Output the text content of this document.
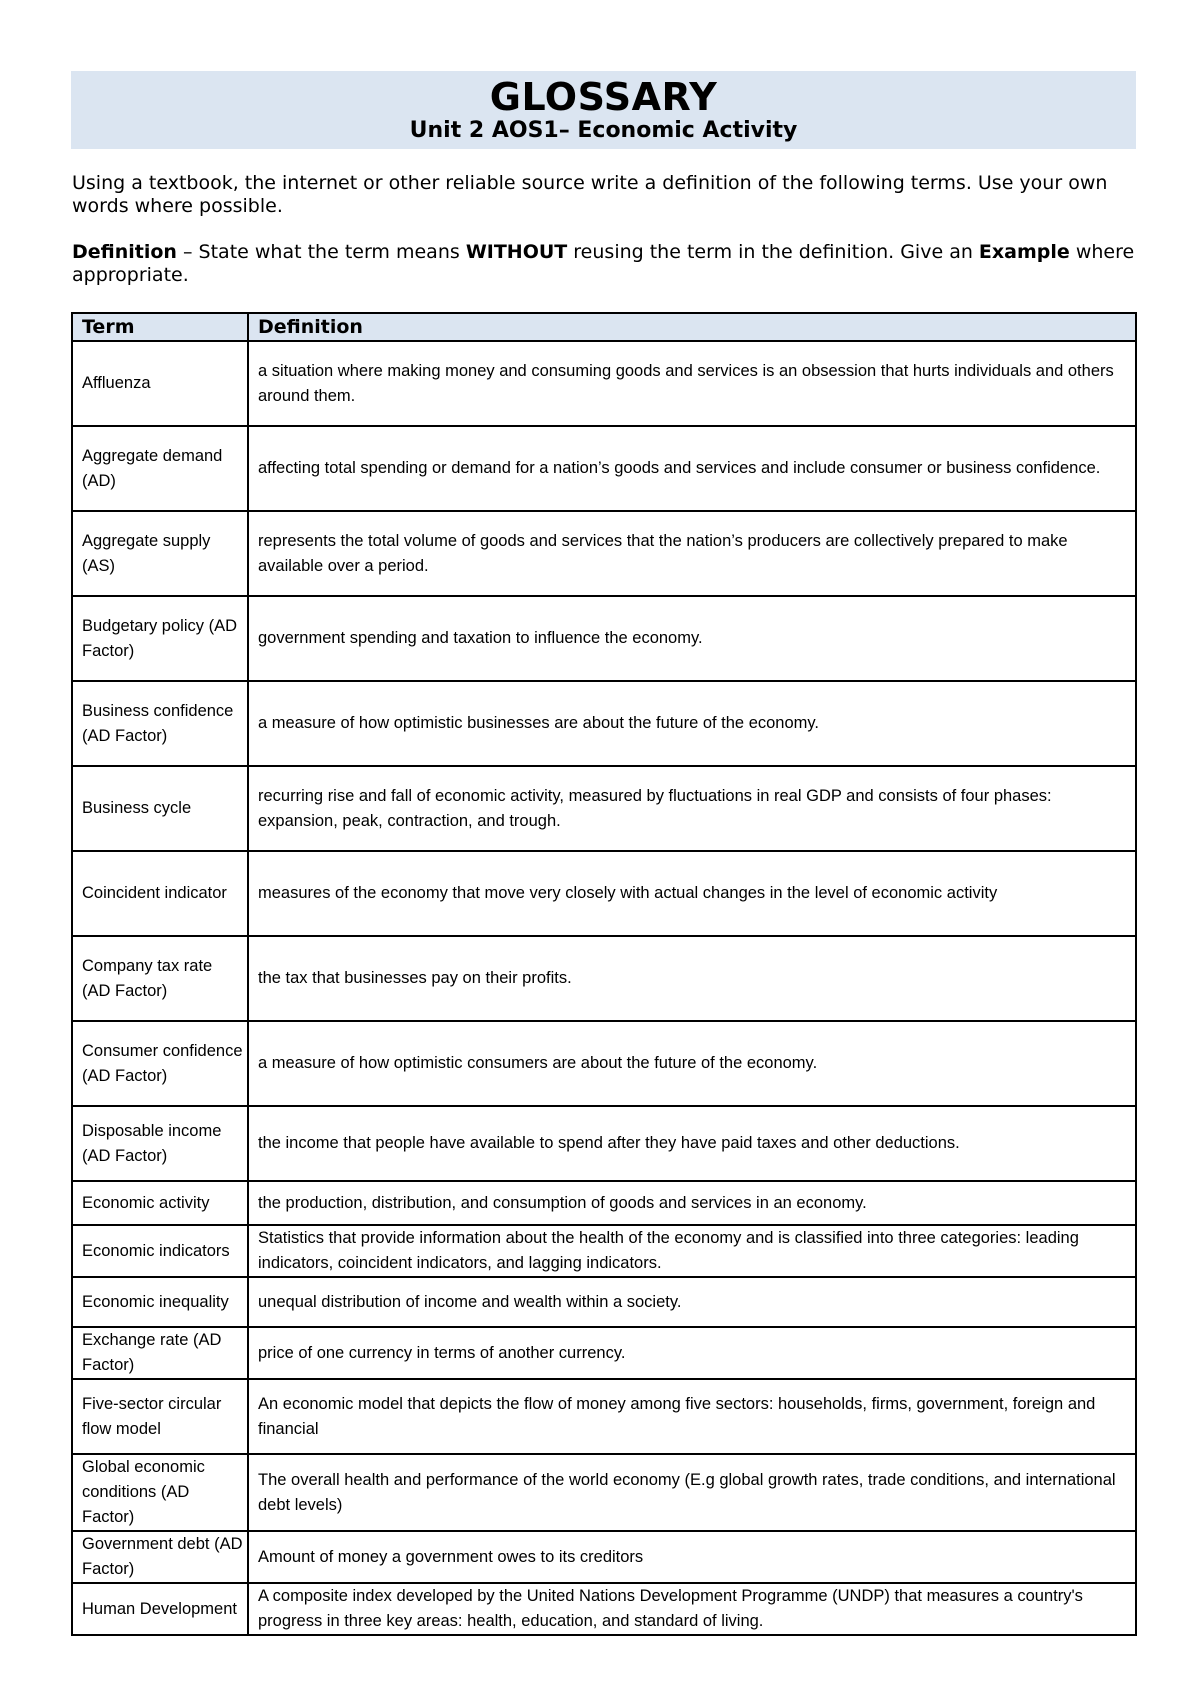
GLOSSARY
Unit 2 AOS1– Economic Activity
Using a textbook, the internet or other reliable source write a definition of the following terms. Use your own words where possible.
Definition – State what the term means WITHOUT reusing the term in the definition. Give an Example where appropriate.
Term	Definition
Affluenza	a situation where making money and consuming goods and services is an obsession that hurts individuals and others around them.
Aggregate demand (AD)	affecting total spending or demand for a nation’s goods and services and include consumer or business confidence.
Aggregate supply (AS)	represents the total volume of goods and services that the nation’s producers are collectively prepared to make available over a period.
Budgetary policy (AD Factor)	government spending and taxation to influence the economy.
Business confidence (AD Factor)	a measure of how optimistic businesses are about the future of the economy.
Business cycle	recurring rise and fall of economic activity, measured by fluctuations in real GDP and consists of four phases: expansion, peak, contraction, and trough.
Coincident indicator	measures of the economy that move very closely with actual changes in the level of economic activity
Company tax rate (AD Factor)	the tax that businesses pay on their profits.
Consumer confidence (AD Factor)	a measure of how optimistic consumers are about the future of the economy.
Disposable income (AD Factor)	the income that people have available to spend after they have paid taxes and other deductions.
Economic activity	the production, distribution, and consumption of goods and services in an economy.
Economic indicators	Statistics that provide information about the health of the economy and is classified into three categories: leading indicators, coincident indicators, and lagging indicators.
Economic inequality	unequal distribution of income and wealth within a society.
Exchange rate (AD Factor)	price of one currency in terms of another currency.
Five-sector circular flow model	An economic model that depicts the flow of money among five sectors: households, firms, government, foreign and financial
Global economic conditions (AD Factor)	The overall health and performance of the world economy (E.g global growth rates, trade conditions, and international debt levels)
Government debt (AD Factor)	Amount of money a government owes to its creditors
Human Development	A composite index developed by the United Nations Development Programme (UNDP) that measures a country's progress in three key areas: health, education, and standard of living.
